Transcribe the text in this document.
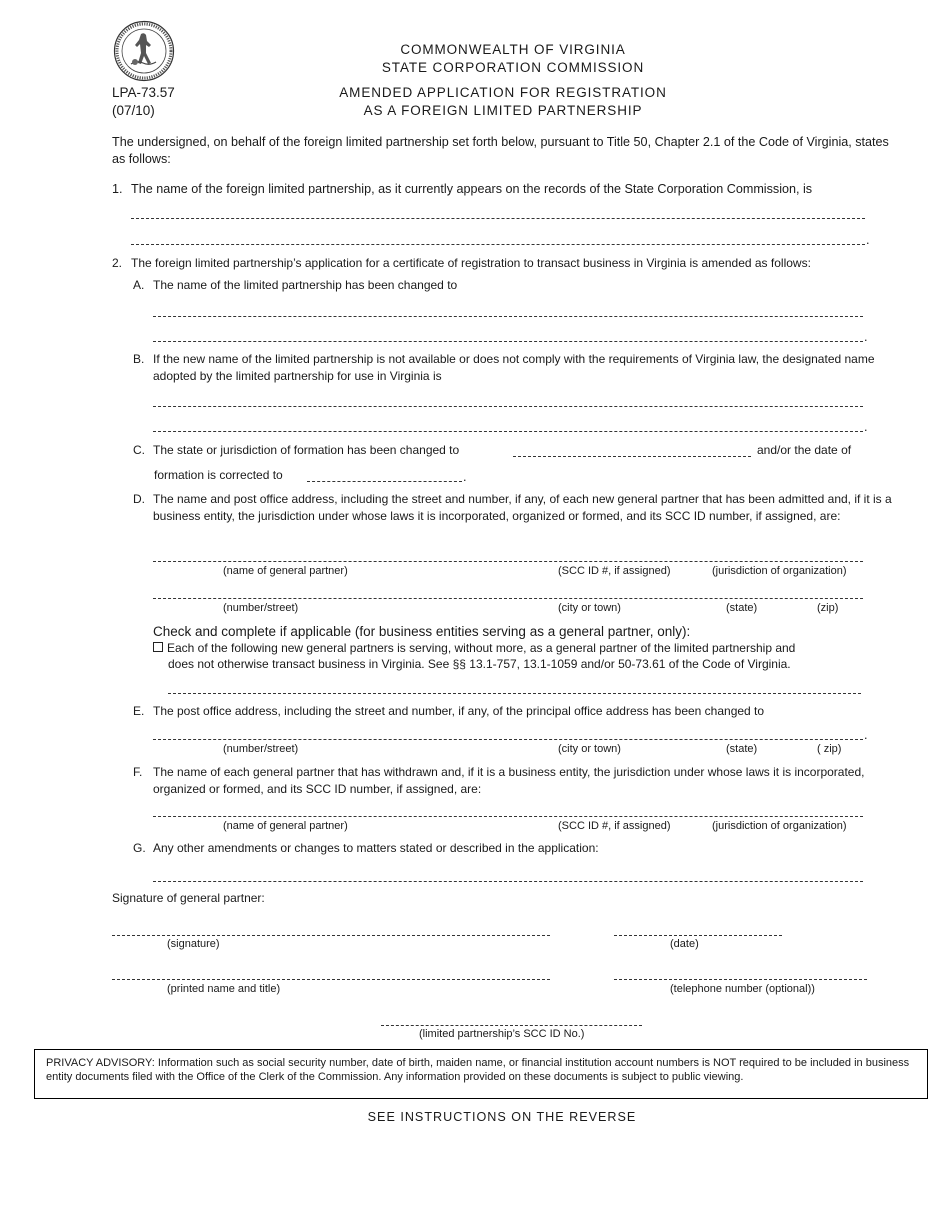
COMMONWEALTH OF VIRGINIA
STATE CORPORATION COMMISSION
AMENDED APPLICATION FOR REGISTRATION
AS A FOREIGN LIMITED PARTNERSHIP
LPA-73.57
(07/10)
The undersigned, on behalf of the foreign limited partnership set forth below, pursuant to Title 50, Chapter 2.1 of the Code of Virginia, states as follows:
1. The name of the foreign limited partnership, as it currently appears on the records of the State Corporation Commission, is
.
2. The foreign limited partnership’s application for a certificate of registration to transact business in Virginia is amended as follows:
A. The name of the limited partnership has been changed to
.
B. If the new name of the limited partnership is not available or does not comply with the requirements of Virginia law, the designated name adopted by the limited partnership for use in Virginia is
.
C. The state or jurisdiction of formation has been changed to	and/or the date of
formation is corrected to	.
D. The name and post office address, including the street and number, if any, of each new general partner that has been admitted and, if it is a business entity, the jurisdiction under whose laws it is incorporated, organized or formed, and its SCC ID number, if assigned, are:
(name of general partner)	(SCC ID #, if assigned)	(jurisdiction of organization)
(number/street)	(city or town)	(state)	(zip)
Check and complete if applicable (for business entities serving as a general partner, only):
Each of the following new general partners is serving, without more, as a general partner of the limited partnership and
does not otherwise transact business in Virginia. See §§ 13.1-757, 13.1-1059 and/or 50-73.61 of the Code of Virginia.
E. The post office address, including the street and number, if any, of the principal office address has been changed to
.
(number/street)	(city or town)	(state)	( zip)
F. The name of each general partner that has withdrawn and, if it is a business entity, the jurisdiction under whose laws it is incorporated, organized or formed, and its SCC ID number, if assigned, are:
(name of general partner)	(SCC ID #, if assigned)	(jurisdiction of organization)
G. Any other amendments or changes to matters stated or described in the application:
Signature of general partner:
(signature)	(date)
(printed name and title)	(telephone number (optional))
(limited partnership’s SCC ID No.)
PRIVACY ADVISORY: Information such as social security number, date of birth, maiden name, or financial institution account numbers is NOT required to be included in business entity documents filed with the Office of the Clerk of the Commission. Any information provided on these documents is subject to public viewing.
SEE INSTRUCTIONS ON THE REVERSE
